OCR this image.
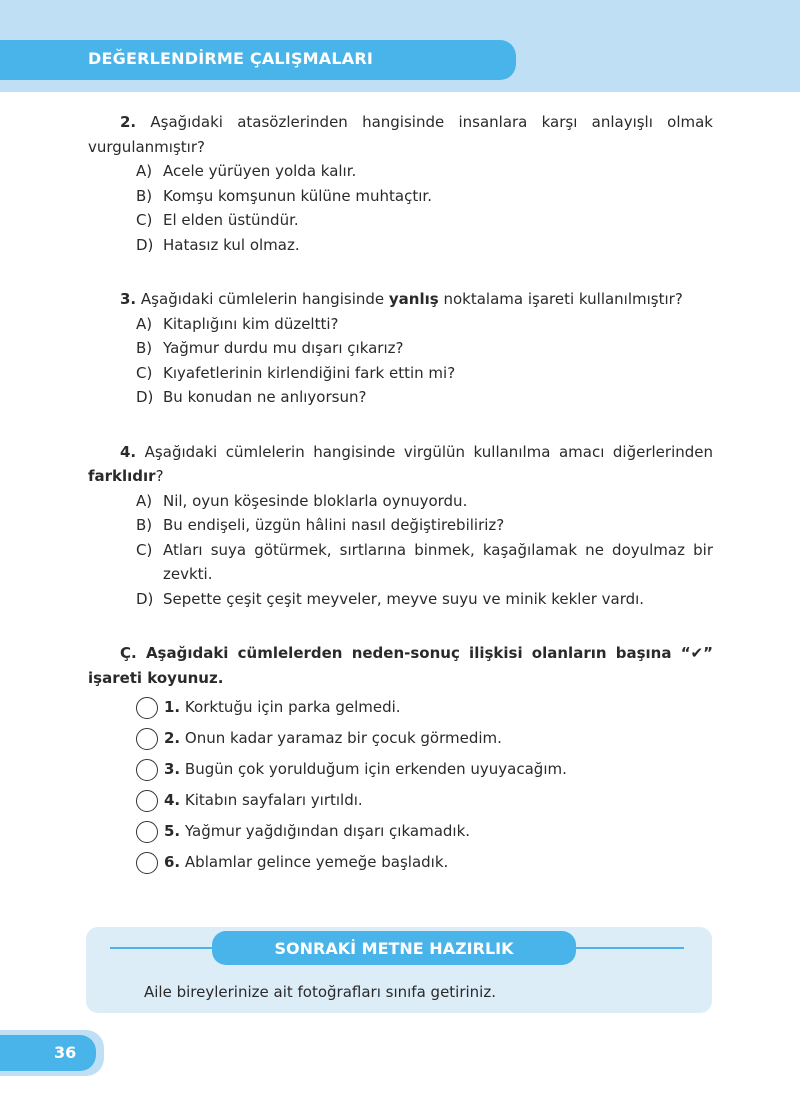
DEĞERLENDİRME ÇALIŞMALARI
2. Aşağıdaki atasözlerinden hangisinde insanlara karşı anlayışlı olmak vurgulanmıştır?
A) Acele yürüyen yolda kalır.
B) Komşu komşunun külüne muhtaçtır.
C) El elden üstündür.
D) Hatasız kul olmaz.
3. Aşağıdaki cümlelerin hangisinde yanlış noktalama işareti kullanılmıştır?
A) Kitaplığını kim düzeltti?
B) Yağmur durdu mu dışarı çıkarız?
C) Kıyafetlerinin kirlendiğini fark ettin mi?
D) Bu konudan ne anlıyorsun?
4. Aşağıdaki cümlelerin hangisinde virgülün kullanılma amacı diğerlerinden farklıdır?
A) Nil, oyun köşesinde bloklarla oynuyordu.
B) Bu endişeli, üzgün hâlini nasıl değiştirebiliriz?
C) Atları suya götürmek, sırtlarına binmek, kaşağılamak ne doyulmaz bir zevkti.
D) Sepette çeşit çeşit meyveler, meyve suyu ve minik kekler vardı.
Ç. Aşağıdaki cümlelerden neden-sonuç ilişkisi olanların başına “✔” işareti koyunuz.
1.
Korktuğu için parka gelmedi.
2.
Onun kadar yaramaz bir çocuk görmedim.
3.
Bugün çok yorulduğum için erkenden uyuyacağım.
4.
Kitabın sayfaları yırtıldı.
5.
Yağmur yağdığından dışarı çıkamadık.
6.
Ablamlar gelince yemeğe başladık.
SONRAKİ METNE HAZIRLIK
Aile bireylerinize ait fotoğrafları sınıfa getiriniz.
36
